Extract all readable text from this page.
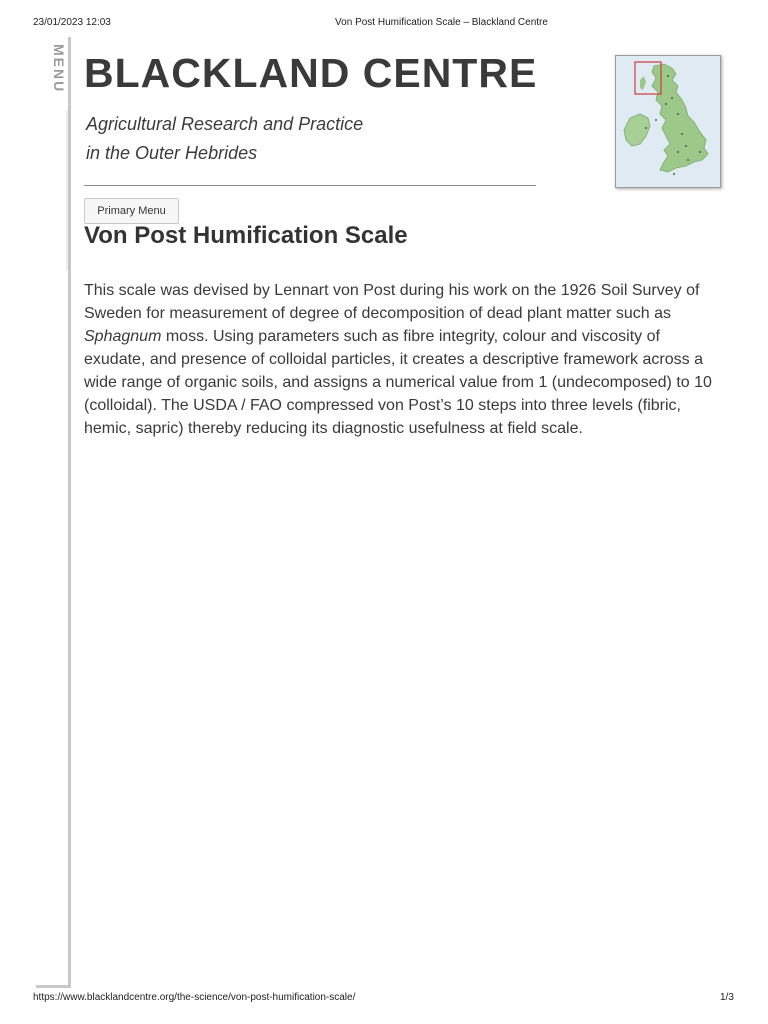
23/01/2023 12:03	Von Post Humification Scale – Blackland Centre
MENU BLACKLAND CENTRE
Agricultural Research and Practice
in the Outer Hebrides
Primary Menu
Von Post Humification Scale

This scale was devised by Lennart von Post during his work on the 1926 Soil Survey of Sweden for measurement of degree of decomposition of dead plant matter such as Sphagnum moss. Using parameters such as fibre integrity, colour and viscosity of exudate, and presence of colloidal particles, it creates a descriptive framework across a wide range of organic soils, and assigns a numerical value from 1 (undecomposed) to 10 (colloidal). The USDA / FAO compressed von Post’s 10 steps into three levels (fibric, hemic, sapric) thereby reducing its diagnostic usefulness at field scale.

https://www.blacklandcentre.org/the-science/von-post-humification-scale/	1/3
